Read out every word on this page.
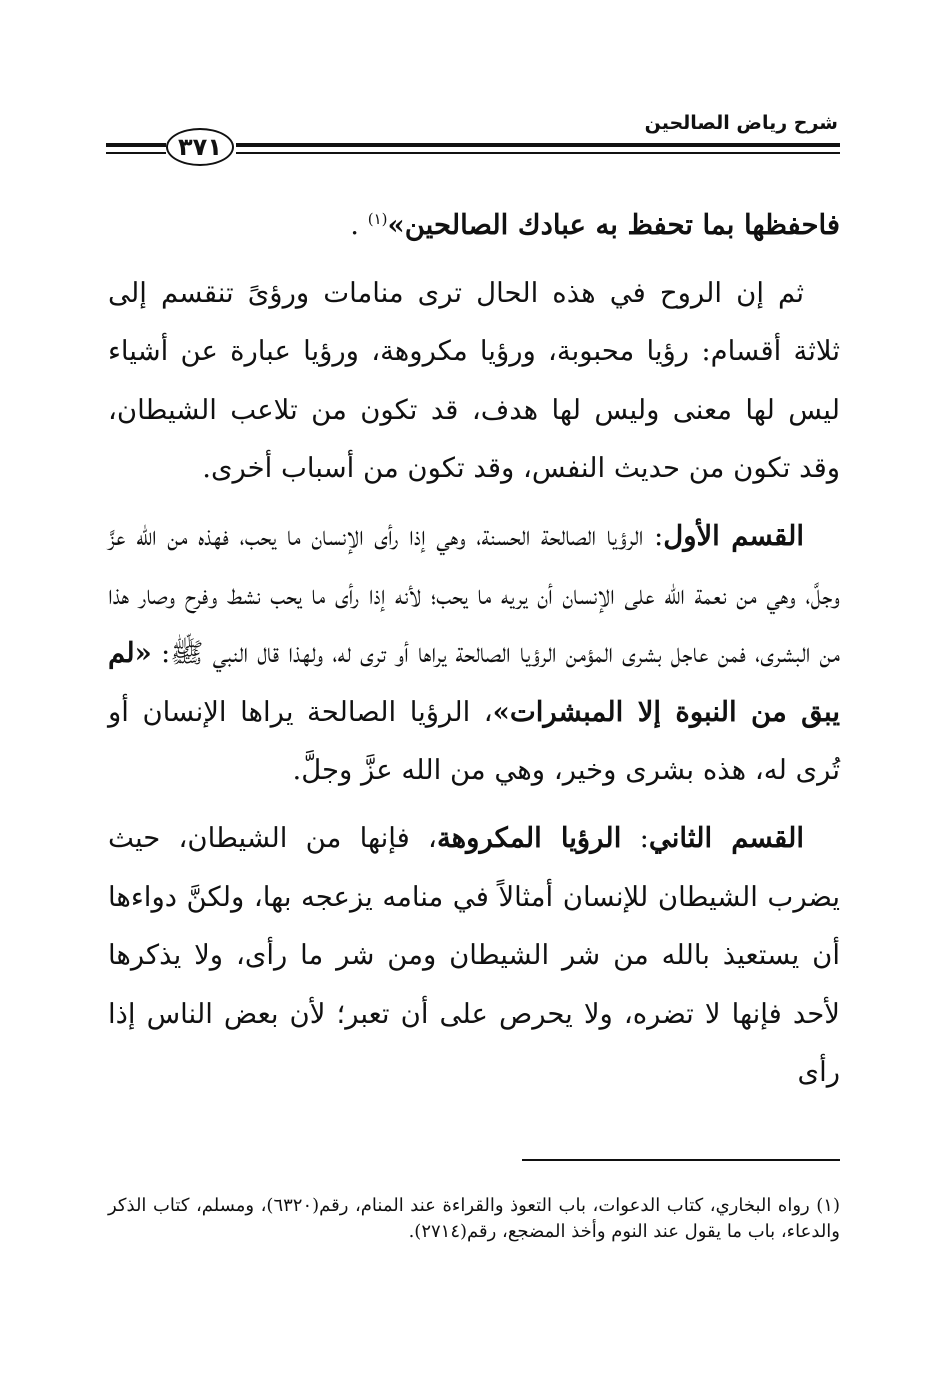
شرح رياض الصالحين
٣٧١

فاحفظها بما تحفظ به عبادك الصالحين»$^{(١)}$ .

ثم إن الروح في هذه الحال ترى منامات ورؤىً تنقسم إلى ثلاثة أقسام: رؤيا محبوبة، ورؤيا مكروهة، ورؤيا عبارة عن أشياء ليس لها معنى وليس لها هدف، قد تكون من تلاعب الشيطان، وقد تكون من حديث النفس، وقد تكون من أسباب أخرى.

القسم الأول: الرؤيا الصالحة الحسنة، وهي إذا رأى الإنسان ما يحب، فهذه من الله عزَّ وجلَّ، وهي من نعمة الله على الإنسان أن يريه ما يحب؛ لأنه إذا رأى ما يحب نشط وفرح وصار هذا من البشرى، فمن عاجل بشرى المؤمن الرؤيا الصالحة يراها أو ترى له، ولهذا قال النبي ﷺ: «لم يبق من النبوة إلا المبشرات»، الرؤيا الصالحة يراها الإنسان أو تُرى له، هذه بشرى وخير، وهي من الله عزَّ وجلَّ.

القسم الثاني: الرؤيا المكروهة، فإنها من الشيطان، حيث يضرب الشيطان للإنسان أمثالاً في منامه يزعجه بها، ولكنَّ دواءها أن يستعيذ بالله من شر الشيطان ومن شر ما رأى، ولا يذكرها لأحد فإنها لا تضره، ولا يحرص على أن تعبر؛ لأن بعض الناس إذا رأى

(١) رواه البخاري، كتاب الدعوات، باب التعوذ والقراءة عند المنام، رقم(٦٣٢٠)، ومسلم، كتاب الذكر والدعاء، باب ما يقول عند النوم وأخذ المضجع، رقم(٢٧١٤).
